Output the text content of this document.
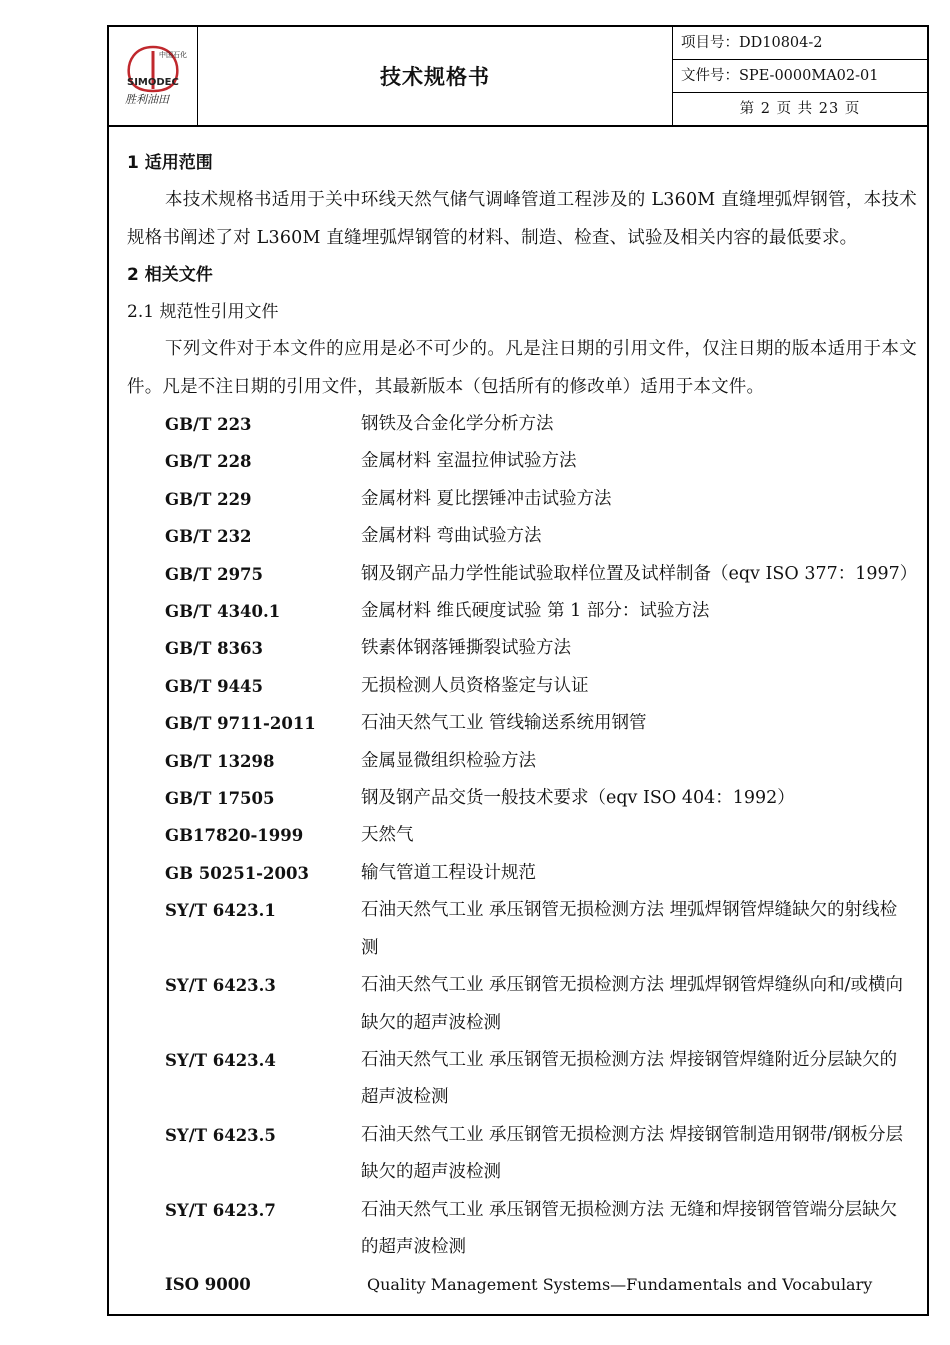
中国石化
SIMODEC
胜利油田
技术规格书
项目号：DD10804-2
文件号：SPE-0000MA02-01
第 2 页 共 23 页
1 适用范围
本技术规格书适用于关中环线天然气储气调峰管道工程涉及的 L360M 直缝埋弧焊钢管，本技术规格书阐述了对 L360M 直缝埋弧焊钢管的材料、制造、检查、试验及相关内容的最低要求。
2 相关文件
2.1 规范性引用文件
下列文件对于本文件的应用是必不可少的。凡是注日期的引用文件，仅注日期的版本适用于本文件。凡是不注日期的引用文件，其最新版本（包括所有的修改单）适用于本文件。
GB/T 223	钢铁及合金化学分析方法
GB/T 228	金属材料 室温拉伸试验方法
GB/T 229	金属材料 夏比摆锤冲击试验方法
GB/T 232	金属材料 弯曲试验方法
GB/T 2975	钢及钢产品力学性能试验取样位置及试样制备（eqv ISO 377：1997）
GB/T 4340.1	金属材料 维氏硬度试验 第 1 部分：试验方法
GB/T 8363	铁素体钢落锤撕裂试验方法
GB/T 9445	无损检测人员资格鉴定与认证
GB/T 9711-2011	石油天然气工业 管线输送系统用钢管
GB/T 13298	金属显微组织检验方法
GB/T 17505	钢及钢产品交货一般技术要求（eqv ISO 404：1992）
GB17820-1999	天然气
GB 50251-2003	输气管道工程设计规范
SY/T 6423.1	石油天然气工业 承压钢管无损检测方法 埋弧焊钢管焊缝缺欠的射线检测
SY/T 6423.3	石油天然气工业 承压钢管无损检测方法 埋弧焊钢管焊缝纵向和/或横向缺欠的超声波检测
SY/T 6423.4	石油天然气工业 承压钢管无损检测方法 焊接钢管焊缝附近分层缺欠的超声波检测
SY/T 6423.5	石油天然气工业 承压钢管无损检测方法 焊接钢管制造用钢带/钢板分层缺欠的超声波检测
SY/T 6423.7	石油天然气工业 承压钢管无损检测方法 无缝和焊接钢管管端分层缺欠的超声波检测
ISO 9000	Quality Management Systems—Fundamentals and Vocabulary
